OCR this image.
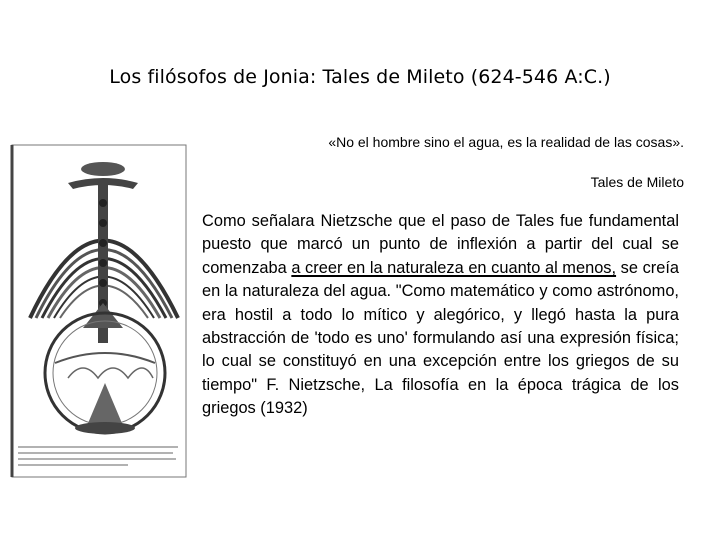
Los filósofos de Jonia: Tales de Mileto (624-546 A:C.)
«No el hombre sino el agua, es la realidad de las cosas».
Tales de Mileto
Como señalara Nietzsche que el paso de Tales fue fundamental puesto que marcó un punto de inflexión a partir del cual se comenzaba a creer en la naturaleza en cuanto al menos, se creía en la naturaleza del agua. "Como matemático y como astrónomo, era hostil a todo lo mítico y alegórico, y llegó hasta la pura abstracción de 'todo es uno' formulando así una expresión física; lo cual se constituyó en una excepción entre los griegos de su tiempo" F. Nietzsche, La filosofía en la época trágica de los griegos (1932)
